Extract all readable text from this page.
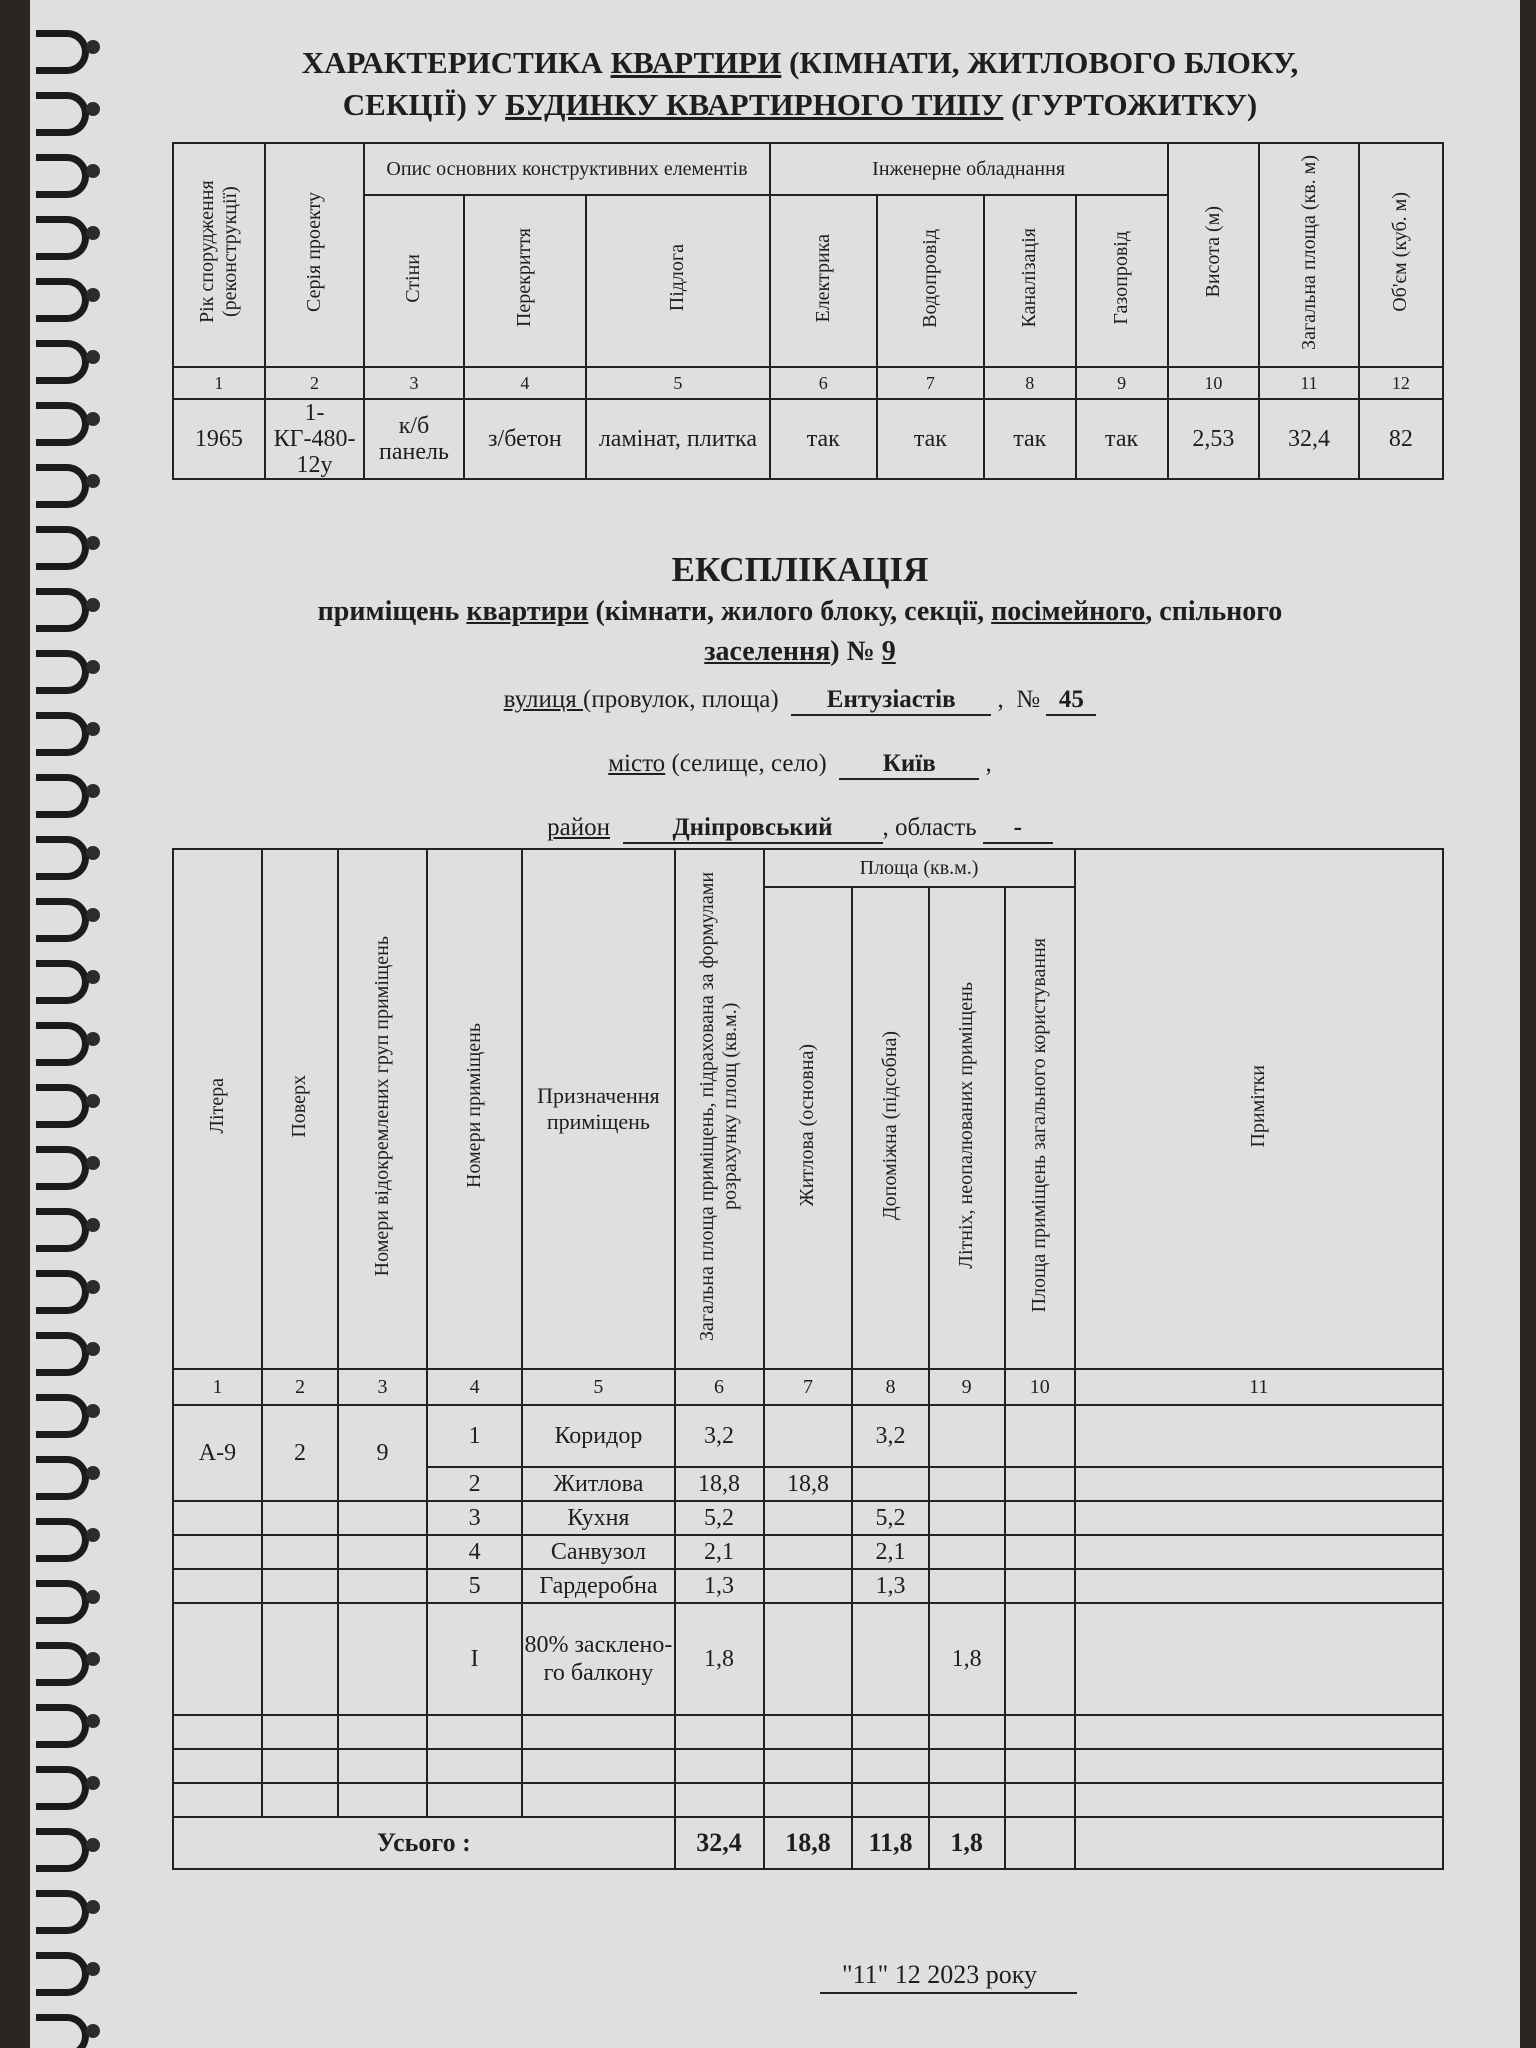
ХАРАКТЕРИСТИКА КВАРТИРИ (КІМНАТИ, ЖИТЛОВОГО БЛОКУ,
СЕКЦІЇ) У БУДИНКУ КВАРТИРНОГО ТИПУ (ГУРТОЖИТКУ)
Рік спорудження (реконструкції)	Серія проекту	Опис основних конструктивних елементів			Інженерне обладнання				Висота (м)	Загальна площа (кв. м)	Об'єм (куб. м)
		Стіни	Перекриття	Підлога	Електрика	Водопровід	Каналізація	Газопровід			
1	2	3	4	5	6	7	8	9	10	11	12
1965	1-КГ-480-12у	к/б панель	з/бетон	ламінат, плитка	так	так	так	так	2,53	32,4	82
ЕКСПЛІКАЦІЯ
приміщень квартири (кімнати, жилого блоку, секції, посімейного, спільного
заселення) № 9
вулиця (провулок, площа) Ентузіастів ,  № 45
місто (селище, село) Київ ,
район Дніпровський , область -
Літера	Поверх	Номери відокремлених груп приміщень	Номери приміщень	Призначення приміщень	Загальна площа приміщень, підрахована за формулами розрахунку площ (кв.м.)	Площа (кв.м.)				Примітки
						Житлова (основна)	Допоміжна (підсобна)	Літніх, неопалюваних приміщень	Площа приміщень загального користування	
1	2	3	4	5	6	7	8	9	10	11
А-9	2	9	1	Коридор	3,2		3,2			
			2	Житлова	18,8	18,8				
			3	Кухня	5,2		5,2			
			4	Санвузол	2,1		2,1			
			5	Гардеробна	1,3		1,3			
			I	80% заскленого балкону	1,8			1,8		

Усього :					32,4	18,8	11,8	1,8		
"11" 12 2023 року
